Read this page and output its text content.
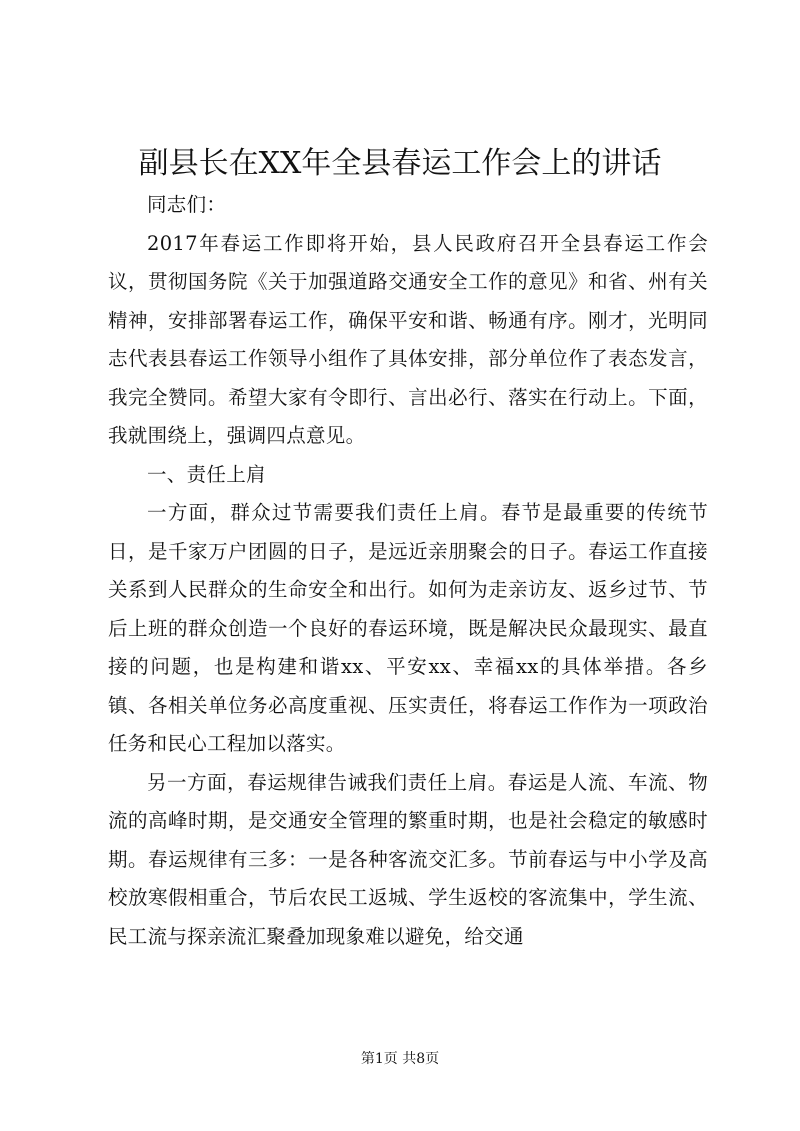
副县长在XX年全县春运工作会上的讲话

同志们：

2017年春运工作即将开始，县人民政府召开全县春运工作会议，贯彻国务院《关于加强道路交通安全工作的意见》和省、州有关精神，安排部署春运工作，确保平安和谐、畅通有序。刚才，光明同志代表县春运工作领导小组作了具体安排，部分单位作了表态发言，我完全赞同。希望大家有令即行、言出必行、落实在行动上。下面，我就围绕上，强调四点意见。

一、责任上肩

一方面，群众过节需要我们责任上肩。春节是最重要的传统节日，是千家万户团圆的日子，是远近亲朋聚会的日子。春运工作直接关系到人民群众的生命安全和出行。如何为走亲访友、返乡过节、节后上班的群众创造一个良好的春运环境，既是解决民众最现实、最直接的问题，也是构建和谐xx、平安xx、幸福xx的具体举措。各乡镇、各相关单位务必高度重视、压实责任，将春运工作作为一项政治任务和民心工程加以落实。

另一方面，春运规律告诫我们责任上肩。春运是人流、车流、物流的高峰时期，是交通安全管理的繁重时期，也是社会稳定的敏感时期。春运规律有三多：一是各种客流交汇多。节前春运与中小学及高校放寒假相重合，节后农民工返城、学生返校的客流集中，学生流、民工流与探亲流汇聚叠加现象难以避免，给交通

第1页 共8页
